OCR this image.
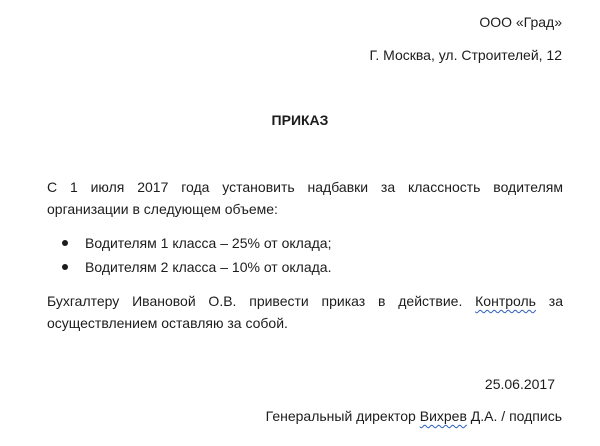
ООО «Град»
Г. Москва, ул. Строителей, 12
ПРИКАЗ
С 1 июля 2017 года установить надбавки за классность водителям
организации в следующем объеме:
Водителям 1 класса – 25% от оклада;
Водителям 2 класса – 10% от оклада.
Бухгалтеру Ивановой О.В. привести приказ в действие. Контроль за
осуществлением оставляю за собой.
25.06.2017
Генеральный директор Вихрев Д.А. / подпись
